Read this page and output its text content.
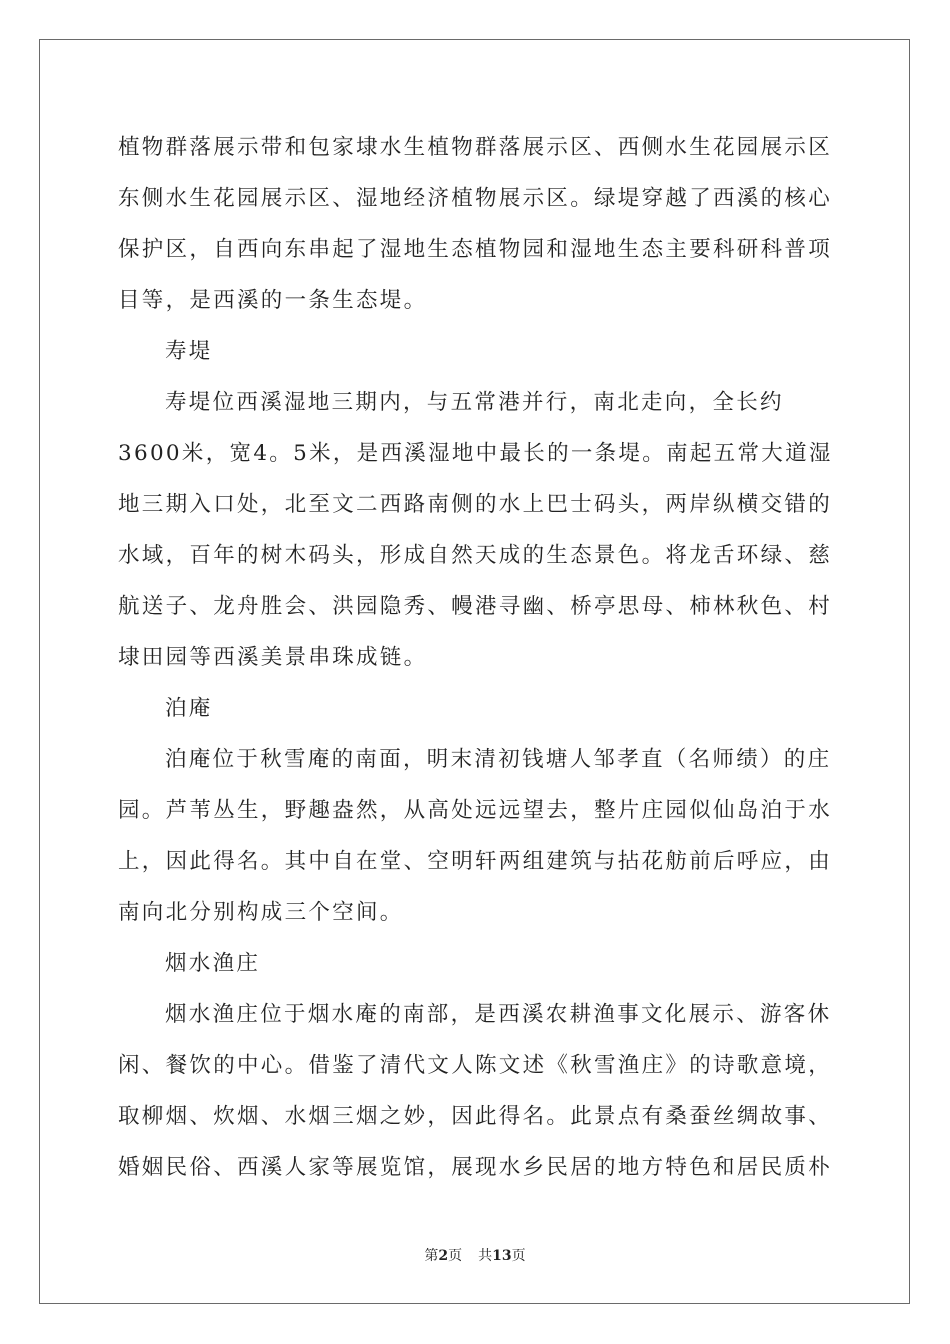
植物群落展示带和包家埭水生植物群落展示区、西侧水生花园展示区
东侧水生花园展示区、湿地经济植物展示区。绿堤穿越了西溪的核心
保护区，自西向东串起了湿地生态植物园和湿地生态主要科研科普项
目等，是西溪的一条生态堤。
寿堤
寿堤位西溪湿地三期内，与五常港并行，南北走向，全长约
3600米，宽4。5米，是西溪湿地中最长的一条堤。南起五常大道湿
地三期入口处，北至文二西路南侧的水上巴士码头，两岸纵横交错的
水域，百年的树木码头，形成自然天成的生态景色。将龙舌环绿、慈
航送子、龙舟胜会、洪园隐秀、幔港寻幽、桥亭思母、柿林秋色、村
埭田园等西溪美景串珠成链。
泊庵
泊庵位于秋雪庵的南面，明末清初钱塘人邹孝直（名师绩）的庄
园。芦苇丛生，野趣盎然，从高处远远望去，整片庄园似仙岛泊于水
上，因此得名。其中自在堂、空明轩两组建筑与拈花舫前后呼应，由
南向北分别构成三个空间。
烟水渔庄
烟水渔庄位于烟水庵的南部，是西溪农耕渔事文化展示、游客休
闲、餐饮的中心。借鉴了清代文人陈文述《秋雪渔庄》的诗歌意境，
取柳烟、炊烟、水烟三烟之妙，因此得名。此景点有桑蚕丝绸故事、
婚姻民俗、西溪人家等展览馆，展现水乡民居的地方特色和居民质朴
第2页 共13页
